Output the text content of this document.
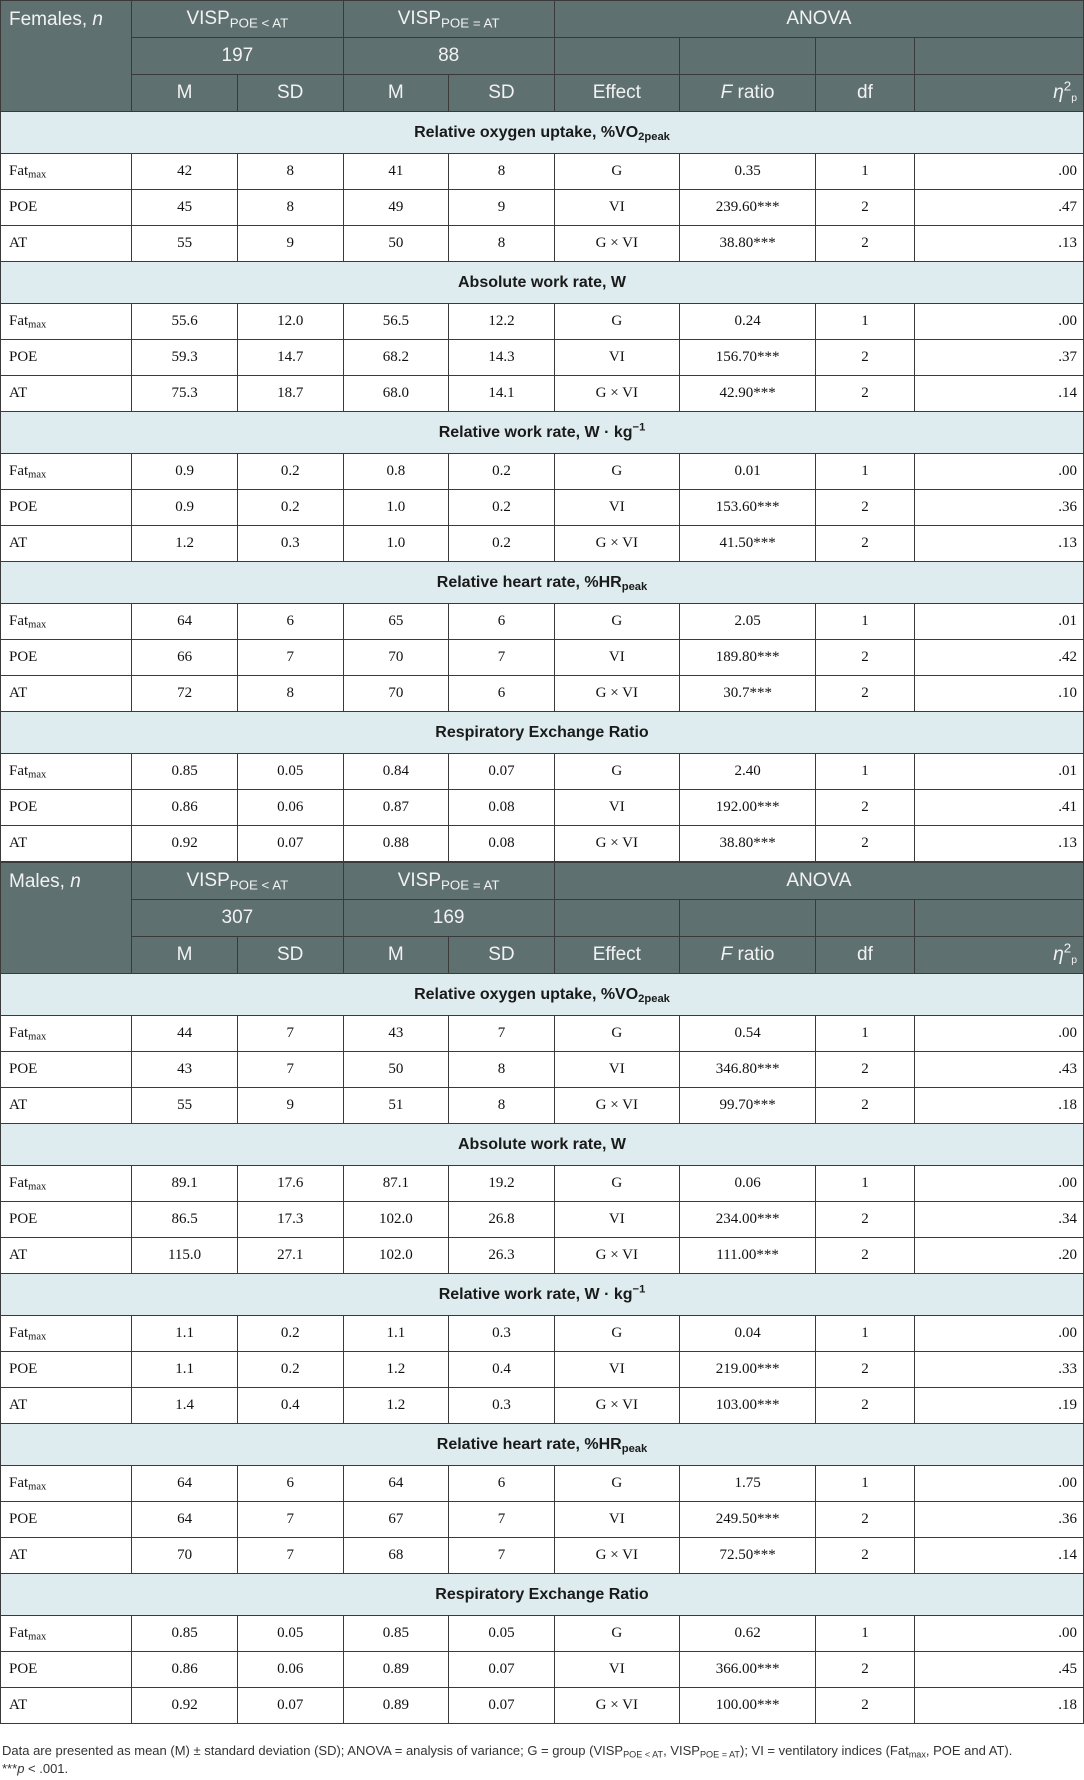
Females, n	$VISP_{POE < AT}$		$VISP_{POE = AT}$		ANOVA			
	197		88					
	M	SD	M	SD	Effect	F ratio	df	$\eta^2_p$
Relative oxygen uptake, $\%VO_{2peak}$
Fat$_{max}$	42	8	41	8	G	0.35	1	.00
POE	45	8	49	9	VI	239.60***	2	.47
AT	55	9	50	8	G × VI	38.80***	2	.13
Absolute work rate, W								
Fat$_{max}$	55.6	12.0	56.5	12.2	G	0.24	1	.00
POE	59.3	14.7	68.2	14.3	VI	156.70***	2	.37
AT	75.3	18.7	68.0	14.1	G × VI	42.90***	2	.14
Relative work rate, $W \cdot kg^{-1}$
Fat$_{max}$	0.9	0.2	0.8	0.2	G	0.01	1	.00
POE	0.9	0.2	1.0	0.2	VI	153.60***	2	.36
AT	1.2	0.3	1.0	0.2	G × VI	41.50***	2	.13
Relative heart rate, $\%HR_{peak}$
Fat$_{max}$	64	6	65	6	G	2.05	1	.01
POE	66	7	70	7	VI	189.80***	2	.42
AT	72	8	70	6	G × VI	30.7***	2	.10
Respiratory Exchange Ratio								
Fat$_{max}$	0.85	0.05	0.84	0.07	G	2.40	1	.01
POE	0.86	0.06	0.87	0.08	VI	192.00***	2	.41
AT	0.92	0.07	0.88	0.08	G × VI	38.80***	2	.13
Males, n	$VISP_{POE < AT}$		$VISP_{POE = AT}$		ANOVA			
	307		169					
	M	SD	M	SD	Effect	F ratio	df	$\eta^2_p$
Relative oxygen uptake, $\%VO_{2peak}$
Fat$_{max}$	44	7	43	7	G	0.54	1	.00
POE	43	7	50	8	VI	346.80***	2	.43
AT	55	9	51	8	G × VI	99.70***	2	.18
Absolute work rate, W								
Fat$_{max}$	89.1	17.6	87.1	19.2	G	0.06	1	.00
POE	86.5	17.3	102.0	26.8	VI	234.00***	2	.34
AT	115.0	27.1	102.0	26.3	G × VI	111.00***	2	.20
Relative work rate, $W \cdot kg^{-1}$
Fat$_{max}$	1.1	0.2	1.1	0.3	G	0.04	1	.00
POE	1.1	0.2	1.2	0.4	VI	219.00***	2	.33
AT	1.4	0.4	1.2	0.3	G × VI	103.00***	2	.19
Relative heart rate, $\%HR_{peak}$
Fat$_{max}$	64	6	64	6	G	1.75	1	.00
POE	64	7	67	7	VI	249.50***	2	.36
AT	70	7	68	7	G × VI	72.50***	2	.14
Respiratory Exchange Ratio								
Fat$_{max}$	0.85	0.05	0.85	0.05	G	0.62	1	.00
POE	0.86	0.06	0.89	0.07	VI	366.00***	2	.45
AT	0.92	0.07	0.89	0.07	G × VI	100.00***	2	.18

Data are presented as mean (M) ± standard deviation (SD); ANOVA = analysis of variance; G = group ($VISP_{POE < AT}$, $VISP_{POE = AT}$); VI = ventilatory indices (Fat$_{max}$, POE and AT).

***p < .001.
